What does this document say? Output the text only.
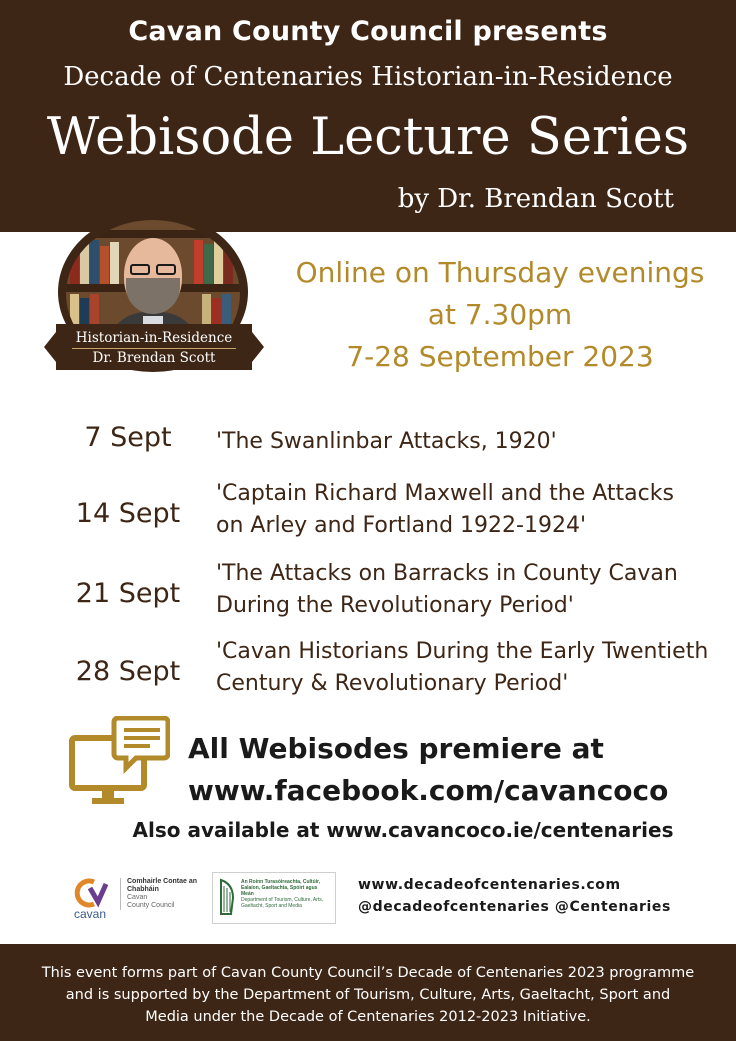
Cavan County Council presents
Decade of Centenaries Historian-in-Residence
Webisode Lecture Series
by Dr. Brendan Scott
Historian-in-Residence
Dr. Brendan Scott
Online on Thursday evenings
at 7.30pm
7-28 September 2023
7 Sept	'The Swanlinbar Attacks, 1920'
14 Sept
'Captain Richard Maxwell and the Attacks
on Arley and Fortland 1922-1924'
21 Sept
'The Attacks on Barracks in County Cavan
During the Revolutionary Period'
28 Sept
'Cavan Historians During the Early Twentieth
Century & Revolutionary Period'
All Webisodes premiere at
www.facebook.com/cavancoco
Also available at www.cavancoco.ie/centenaries
cavan
Comhairle Contae an Chabháin
Cavan
County Council
An Roinn Turasóireachta, Cultúir, Ealaíon, Gaeltachta, Spóirt agus Meán
Department of Tourism, Culture, Arts, Gaeltacht, Sport and Media
www.decadeofcentenaries.com
@decadeofcentenaries @Centenaries
This event forms part of Cavan County Council’s Decade of Centenaries 2023 programme
and is supported by the Department of Tourism, Culture, Arts, Gaeltacht, Sport and
Media under the Decade of Centenaries 2012-2023 Initiative.
